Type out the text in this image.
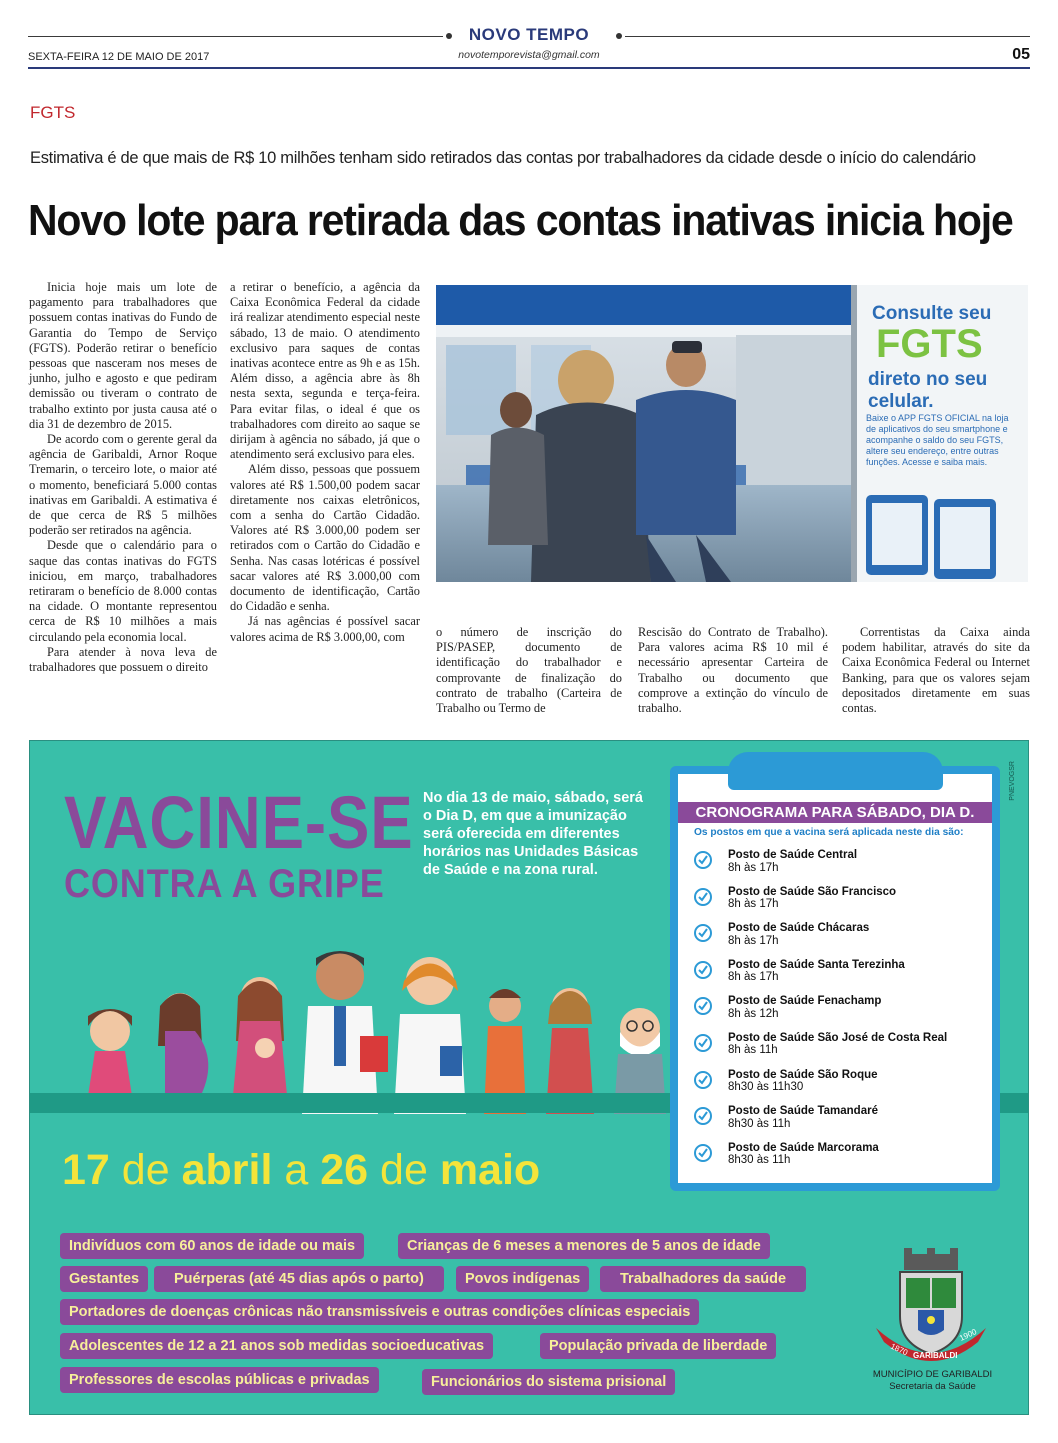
NOVO TEMPO
novotemporevista@gmail.com
SEXTA-FEIRA 12 DE MAIO DE 2017	05
FGTS
Estimativa é de que mais de R$ 10 milhões tenham sido retirados das contas por trabalhadores da cidade desde o início do calendário
Novo lote para retirada das contas inativas inicia hoje

Inicia hoje mais um lote de pagamento para trabalhadores que possuem contas inativas do Fundo de Garantia do Tempo de Serviço (FGTS). Poderão retirar o benefício pessoas que nasceram nos meses de junho, julho e agosto e que pediram demissão ou tiveram o contrato de trabalho extinto por justa causa até o dia 31 de dezembro de 2015.

De acordo com o gerente geral da agência de Garibaldi, Arnor Roque Tremarin, o terceiro lote, o maior até o momento, beneficiará 5.000 contas inativas em Garibaldi. A estimativa é de que cerca de R$ 5 milhões poderão ser retirados na agência.

Desde que o calendário para o saque das contas inativas do FGTS iniciou, em março, trabalhadores retiraram o benefício de 8.000 contas na cidade. O montante representou cerca de R$ 10 milhões a mais circulando pela economia local.

Para atender à nova leva de trabalhadores que possuem o direito

a retirar o benefício, a agência da Caixa Econômica Federal da cidade irá realizar atendimento especial neste sábado, 13 de maio. O atendimento exclusivo para saques de contas inativas acontece entre as 9h e as 15h. Além disso, a agência abre às 8h nesta sexta, segunda e terça-feira. Para evitar filas, o ideal é que os trabalhadores com direito ao saque se dirijam à agência no sábado, já que o atendimento será exclusivo para eles.

Além disso, pessoas que possuem valores até R$ 1.500,00 podem sacar diretamente nos caixas eletrônicos, com a senha do Cartão Cidadão. Valores até R$ 3.000,00 podem ser retirados com o Cartão do Cidadão e Senha. Nas casas lotéricas é possível sacar valores até R$ 3.000,00 com documento de identificação, Cartão do Cidadão e senha.

Já nas agências é possível sacar valores acima de R$ 3.000,00, com	o número de inscrição do PIS/PASEP, documento de identificação do trabalhador e comprovante de finalização do contrato de trabalho (Carteira de Trabalho ou Termo de

Rescisão do Contrato de Trabalho). Para valores acima R$ 10 mil é necessário apresentar Carteira de Trabalho ou documento que comprove a extinção do vínculo de trabalho.

Correntistas da Caixa ainda podem habilitar, através do site da Caixa Econômica Federal ou Internet Banking, para que os valores sejam depositados diretamente em suas contas.

Consulte seu
FGTS
direto no seu
celular.
Baixe o APP FGTS OFICIAL na loja de aplicativos do seu smartphone e acompanhe o saldo do seu FGTS, altere seu endereço, entre outras funções. Acesse e saiba mais.
PNEVOGSR
VACINE-SE
CONTRA A GRIPE
No dia 13 de maio, sábado, será o Dia D, em que a imunização será oferecida em diferentes horários nas Unidades Básicas de Saúde e na zona rural.
17 de abril a 26 de maio
CRONOGRAMA PARA SÁBADO, DIA D.
Os postos em que a vacina será aplicada neste dia são:
Posto de Saúde Central
8h às 17h
Posto de Saúde São Francisco
8h às 17h
Posto de Saúde Chácaras
8h às 17h
Posto de Saúde Santa Terezinha
8h às 17h
Posto de Saúde Fenachamp
8h às 12h
Posto de Saúde São José de Costa Real
8h às 11h
Posto de Saúde São Roque
8h30 às 11h30
Posto de Saúde Tamandaré
8h30 às 11h
Posto de Saúde Marcorama
8h30 às 11h
Indivíduos com 60 anos de idade ou mais	Crianças de 6 meses a menores de 5 anos de idade
Gestantes	Puérperas (até 45 dias após o parto)	Povos indígenas	Trabalhadores da saúde
Portadores de doenças crônicas não transmissíveis e outras condições clínicas especiais
Adolescentes de 12 a 21 anos sob medidas socioeducativas	População privada de liberdade
Professores de escolas públicas e privadas	Funcionários do sistema prisional
1870 GARIBALDI
1900
MUNICÍPIO DE GARIBALDI
Secretaria da Saúde
